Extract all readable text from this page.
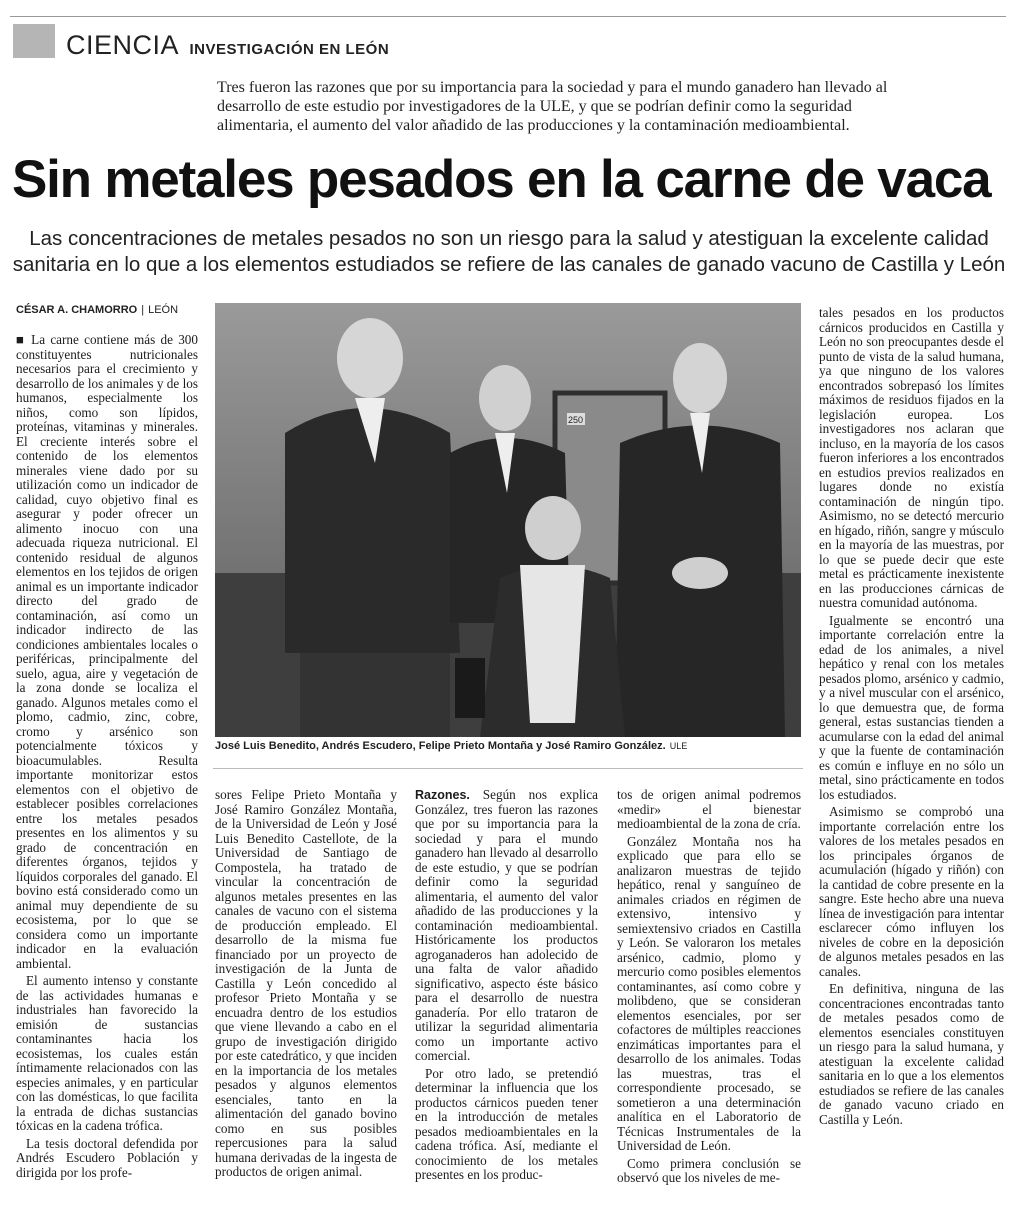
CIENCIA INVESTIGACIÓN EN LEÓN
Tres fueron las razones que por su importancia para la sociedad y para el mundo ganadero han llevado al desarrollo de este estudio por investigadores de la ULE, y que se podrían definir como la seguridad alimentaria, el aumento del valor añadido de las producciones y la contaminación medioambiental.
Sin metales pesados en la carne de vaca
Las concentraciones de metales pesados no son un riesgo para la salud y atestiguan la excelente calidad sanitaria en lo que a los elementos estudiados se refiere de las canales de ganado vacuno de Castilla y León
CÉSAR A. CHAMORRO | LEÓN

■ La carne contiene más de 300 constituyentes nutricionales necesarios para el crecimiento y desarrollo de los animales y de los humanos, especialmente los niños, como son lípidos, proteínas, vitaminas y minerales. El creciente interés sobre el contenido de los elementos minerales viene dado por su utilización como un indicador de calidad, cuyo objetivo final es asegurar y poder ofrecer un alimento inocuo con una adecuada riqueza nutricional. El contenido residual de algunos elementos en los tejidos de origen animal es un importante indicador directo del grado de contaminación, así como un indicador indirecto de las condiciones ambientales locales o periféricas, principalmente del suelo, agua, aire y vegetación de la zona donde se localiza el ganado. Algunos metales como el plomo, cadmio, zinc, cobre, cromo y arsénico son potencialmente tóxicos y bioacumulables. Resulta importante monitorizar estos elementos con el objetivo de establecer posibles correlaciones entre los metales pesados presentes en los alimentos y su grado de concentración en diferentes órganos, tejidos y líquidos corporales del ganado. El bovino está considerado como un animal muy dependiente de su ecosistema, por lo que se considera como un importante indicador en la evaluación ambiental.

El aumento intenso y constante de las actividades humanas e industriales han favorecido la emisión de sustancias contaminantes hacia los ecosistemas, los cuales están íntimamente relacionados con las especies animales, y en particular con las domésticas, lo que facilita la entrada de dichas sustancias tóxicas en la cadena trófica.

La tesis doctoral defendida por Andrés Escudero Población y dirigida por los profe-

250
José Luis Benedito, Andrés Escudero, Felipe Prieto Montaña y José Ramiro González. ULE

sores Felipe Prieto Montaña y José Ramiro González Montaña, de la Universidad de León y José Luis Benedito Castellote, de la Universidad de Santiago de Compostela, ha tratado de vincular la concentración de algunos metales presentes en las canales de vacuno con el sistema de producción empleado. El desarrollo de la misma fue financiado por un proyecto de investigación de la Junta de Castilla y León concedido al profesor Prieto Montaña y se encuadra dentro de los estudios que viene llevando a cabo en el grupo de investigación dirigido por este catedrático, y que inciden en la importancia de los metales pesados y algunos elementos esenciales, tanto en la alimentación del ganado bovino como en sus posibles repercusiones para la salud humana derivadas de la ingesta de productos de origen animal.

Razones. Según nos explica González, tres fueron las razones que por su importancia para la sociedad y para el mundo ganadero han llevado al desarrollo de este estudio, y que se podrían definir como la seguridad alimentaria, el aumento del valor añadido de las producciones y la contaminación medioambiental. Históricamente los productos agroganaderos han adolecido de una falta de valor añadido significativo, aspecto éste básico para el desarrollo de nuestra ganadería. Por ello trataron de utilizar la seguridad alimentaria como un importante activo comercial.

Por otro lado, se pretendió determinar la influencia que los productos cárnicos pueden tener en la introducción de metales pesados medioambientales en la cadena trófica. Así, mediante el conocimiento de los metales presentes en los produc-

tos de origen animal podremos «medir» el bienestar medioambiental de la zona de cría.

González Montaña nos ha explicado que para ello se analizaron muestras de tejido hepático, renal y sanguíneo de animales criados en régimen de extensivo, intensivo y semiextensivo criados en Castilla y León. Se valoraron los metales arsénico, cadmio, plomo y mercurio como posibles elementos contaminantes, así como cobre y molibdeno, que se consideran elementos esenciales, por ser cofactores de múltiples reacciones enzimáticas importantes para el desarrollo de los animales. Todas las muestras, tras el correspondiente procesado, se sometieron a una determinación analítica en el Laboratorio de Técnicas Instrumentales de la Universidad de León.

Como primera conclusión se observó que los niveles de me-

tales pesados en los productos cárnicos producidos en Castilla y León no son preocupantes desde el punto de vista de la salud humana, ya que ninguno de los valores encontrados sobrepasó los límites máximos de residuos fijados en la legislación europea. Los investigadores nos aclaran que incluso, en la mayoría de los casos fueron inferiores a los encontrados en estudios previos realizados en lugares donde no existía contaminación de ningún tipo. Asimismo, no se detectó mercurio en hígado, riñón, sangre y músculo en la mayoría de las muestras, por lo que se puede decir que este metal es prácticamente inexistente en las producciones cárnicas de nuestra comunidad autónoma.

Igualmente se encontró una importante correlación entre la edad de los animales, a nivel hepático y renal con los metales pesados plomo, arsénico y cadmio, y a nivel muscular con el arsénico, lo que demuestra que, de forma general, estas sustancias tienden a acumularse con la edad del animal y que la fuente de contaminación es común e influye en no sólo un metal, sino prácticamente en todos los estudiados.

Asimismo se comprobó una importante correlación entre los valores de los metales pesados en los principales órganos de acumulación (hígado y riñón) con la cantidad de cobre presente en la sangre. Este hecho abre una nueva línea de investigación para intentar esclarecer cómo influyen los niveles de cobre en la deposición de algunos metales pesados en las canales.

En definitiva, ninguna de las concentraciones encontradas tanto de metales pesados como de elementos esenciales constituyen un riesgo para la salud humana, y atestiguan la excelente calidad sanitaria en lo que a los elementos estudiados se refiere de las canales de ganado vacuno criado en Castilla y León.
